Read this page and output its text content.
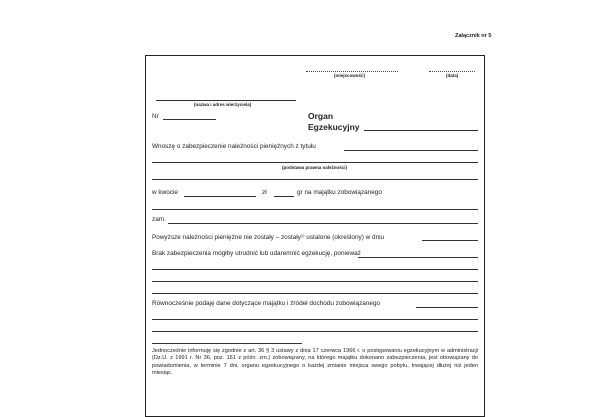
Załącznik nr 5
(miejscowość)	(data)
(nazwa i adres wierzyciela)
Nr	Organ
Egzekucyjny
Wnoszę o zabezpieczenie należności pieniężnych z tytułu
(podstawa prawna należności)
w kwocie	zł	gr na majątku zobowiązanego
zam.
Powyższe należności pieniężne nie zostały – zostały¹⁾ ustalone (określony) w dniu
Brak zabezpieczenia mógłby utrudnić lub udaremnić egzekucję, ponieważ
Równocześnie podaję dane dotyczące majątku i źródeł dochodu zobowiązanego
Jednocześnie informuję się zgodnie z art. 36 § 3 ustawy z dnia 17 czerwca 1966 r. o postępowaniu egzekucyjnym w administracji (Dz.U. z 1991 r. Nr 36, poz. 161 z późn. zm.) zobowiązany, na którego majątku dokonano zabezpieczenia, jest obowiązany do powiadomienia, w terminie 7 dni, organu egzekucyjnego o każdej zmianie miejsca swego pobytu, trwającej dłużej niż jeden miesiąc.
